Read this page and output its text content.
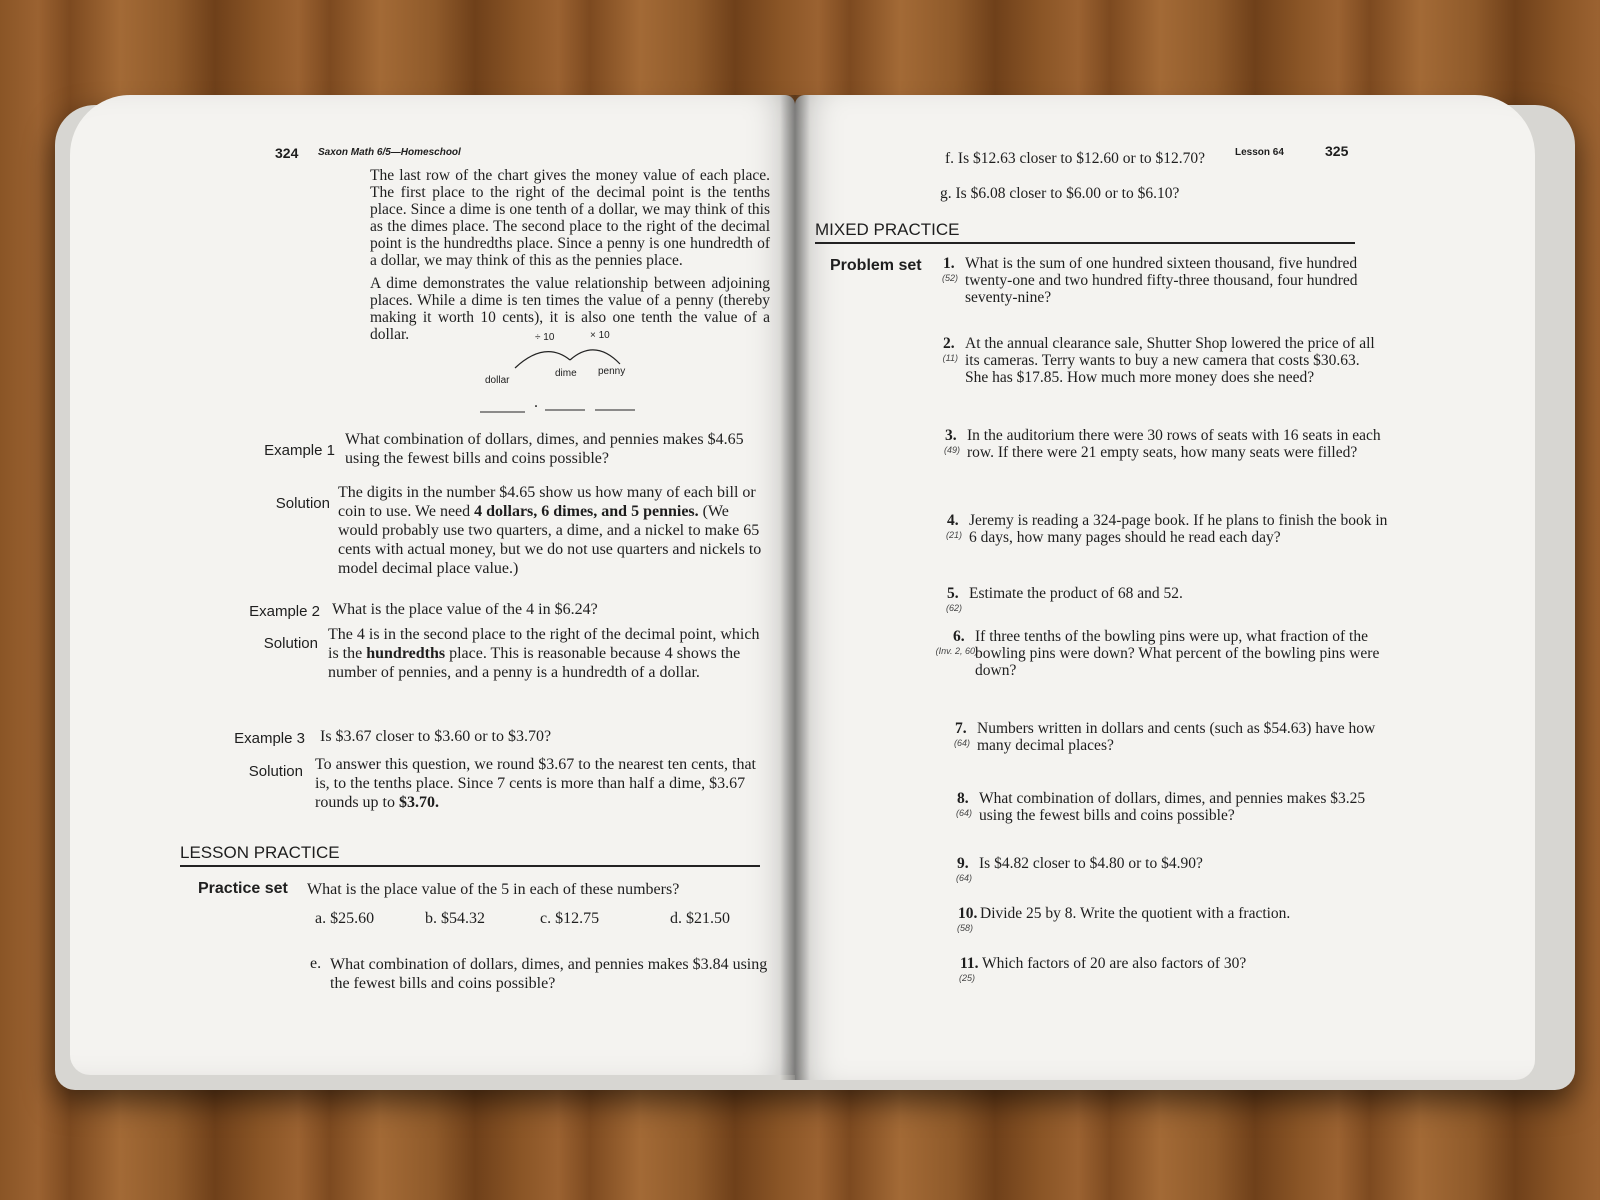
324 Saxon Math 6/5—Homeschool
The last row of the chart gives the money value of each place. The first place to the right of the decimal point is the tenths place. Since a dime is one tenth of a dollar, we may think of this as the dimes place. The second place to the right of the decimal point is the hundredths place. Since a penny is one hundredth of a dollar, we may think of this as the pennies place.
A dime demonstrates the value relationship between adjoining places. While a dime is ten times the value of a penny (thereby making it worth 10 cents), it is also one tenth the value of a dollar.	÷ 10	× 10
dollar
dime penny
.
Example 1
What combination of dollars, dimes, and pennies makes $4.65 using the fewest bills and coins possible?
Solution
The digits in the number $4.65 show us how many of each bill or coin to use. We need 4 dollars, 6 dimes, and 5 pennies. (We would probably use two quarters, a dime, and a nickel to make 65 cents with actual money, but we do not use quarters and nickels to model decimal place value.)
Example 2 What is the place value of the 4 in $6.24?
Solution
The 4 is in the second place to the right of the decimal point, which is the hundredths place. This is reasonable because 4 shows the number of pennies, and a penny is a hundredth of a dollar.
Example 3 Is $3.67 closer to $3.60 or to $3.70?
Solution To answer this question, we round $3.67 to the nearest ten cents, that is, to the tenths place. Since 7 cents is more than half a dime, $3.67 rounds up to $3.70.
LESSON PRACTICE
Practice set What is the place value of the 5 in each of these numbers?
a. $25.60	b. $54.32	c. $12.75	d. $21.50
e. What combination of dollars, dimes, and pennies makes $3.84 using the fewest bills and coins possible?
Lesson 64	325
f. Is $12.63 closer to $12.60 or to $12.70?
g. Is $6.08 closer to $6.00 or to $6.10?
MIXED PRACTICE
Problem set 1.
(52)
What is the sum of one hundred sixteen thousand, five hundred twenty-one and two hundred fifty-three thousand, four hundred seventy-nine?
2.
(11)
At the annual clearance sale, Shutter Shop lowered the price of all its cameras. Terry wants to buy a new camera that costs $30.63. She has $17.85. How much more money does she need?
3.
(49)
In the auditorium there were 30 rows of seats with 16 seats in each row. If there were 21 empty seats, how many seats were filled?
4.
(21)
Jeremy is reading a 324-page book. If he plans to finish the book in 6 days, how many pages should he read each day?
5.
(62)
Estimate the product of 68 and 52.
6.
(Inv. 2, 60)
If three tenths of the bowling pins were up, what fraction of the bowling pins were down? What percent of the bowling pins were down?
7.
(64)
Numbers written in dollars and cents (such as $54.63) have how many decimal places?
8.
(64)
What combination of dollars, dimes, and pennies makes $3.25 using the fewest bills and coins possible?
9.
(64)
Is $4.82 closer to $4.80 or to $4.90?
10.
(58)
Divide 25 by 8. Write the quotient with a fraction.
11.
(25)
Which factors of 20 are also factors of 30?
